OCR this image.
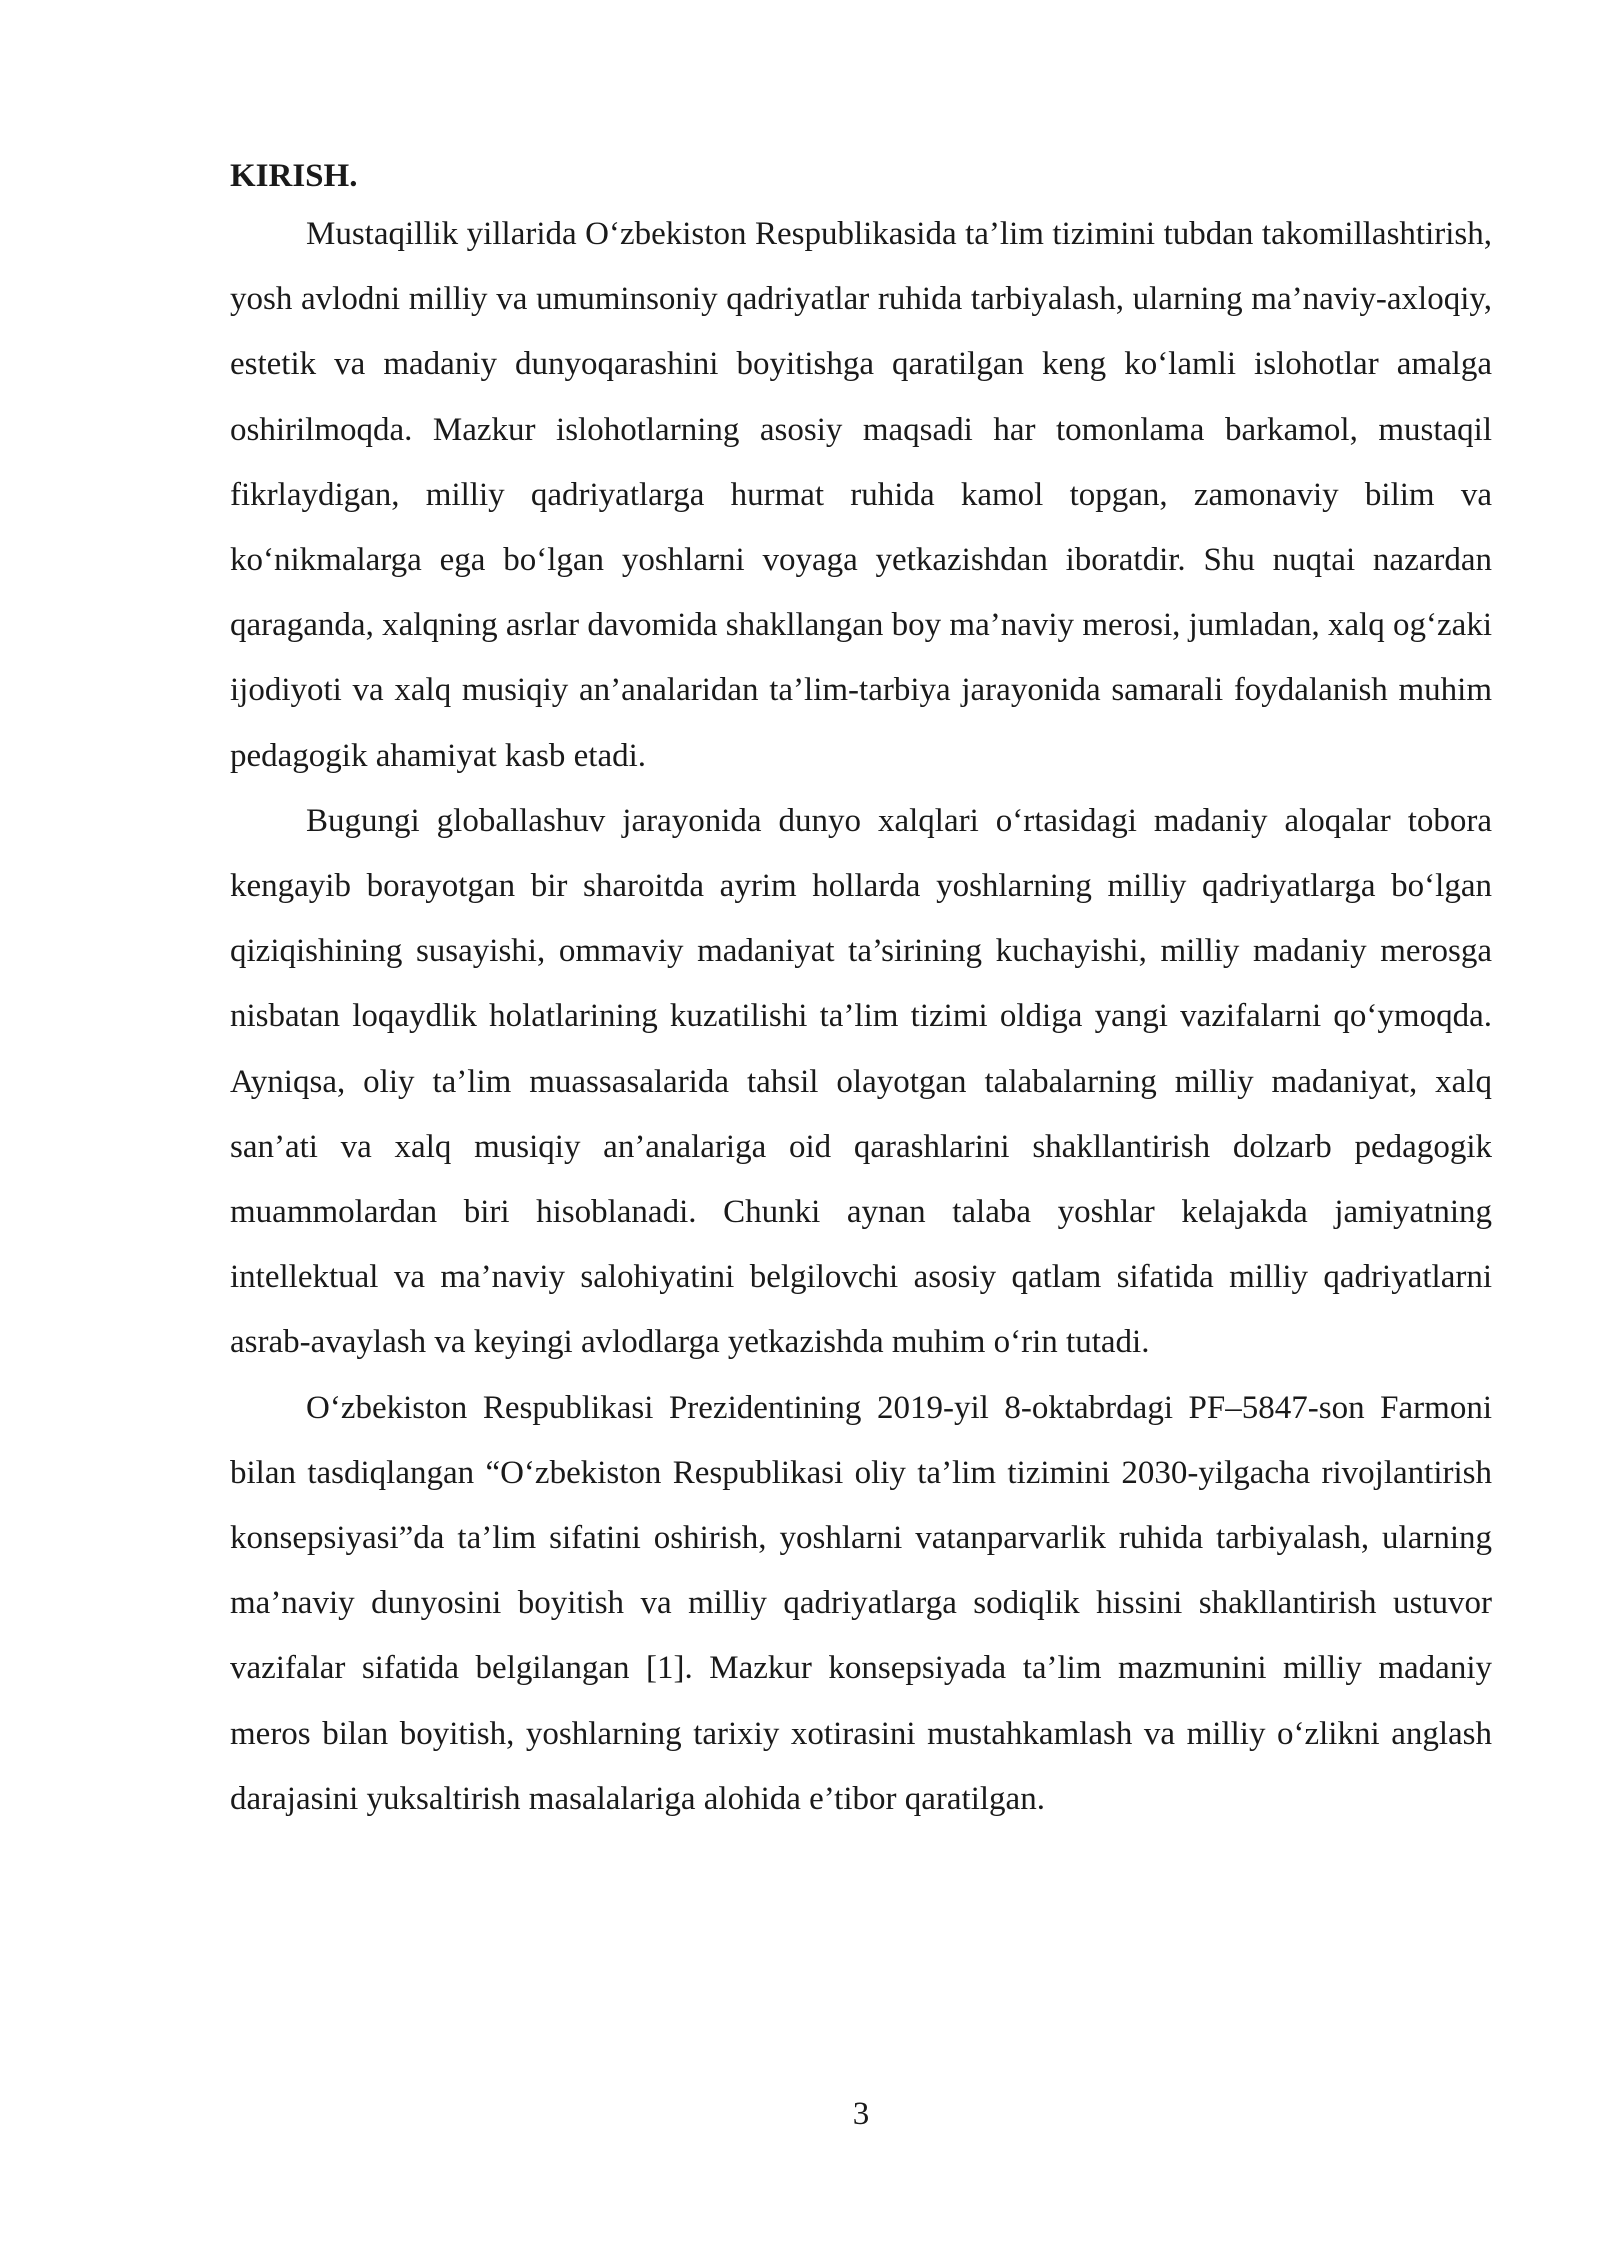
KIRISH.

Mustaqillik yillarida O‘zbekiston Respublikasida ta’lim tizimini tubdan takomillashtirish, yosh avlodni milliy va umuminsoniy qadriyatlar ruhida tarbiyalash, ularning ma’naviy-axloqiy, estetik va madaniy dunyoqarashini boyitishga qaratilgan keng ko‘lamli islohotlar amalga oshirilmoqda. Mazkur islohotlarning asosiy maqsadi har tomonlama barkamol, mustaqil fikrlaydigan, milliy qadriyatlarga hurmat ruhida kamol topgan, zamonaviy bilim va ko‘nikmalarga ega bo‘lgan yoshlarni voyaga yetkazishdan iboratdir. Shu nuqtai nazardan qaraganda, xalqning asrlar davomida shakllangan boy ma’naviy merosi, jumladan, xalq og‘zaki ijodiyoti va xalq musiqiy an’analaridan ta’lim-tarbiya jarayonida samarali foydalanish muhim pedagogik ahamiyat kasb etadi.

Bugungi globallashuv jarayonida dunyo xalqlari o‘rtasidagi madaniy aloqalar tobora kengayib borayotgan bir sharoitda ayrim hollarda yoshlarning milliy qadriyatlarga bo‘lgan qiziqishining susayishi, ommaviy madaniyat ta’sirining kuchayishi, milliy madaniy merosga nisbatan loqaydlik holatlarining kuzatilishi ta’lim tizimi oldiga yangi vazifalarni qo‘ymoqda. Ayniqsa, oliy ta’lim muassasalarida tahsil olayotgan talabalarning milliy madaniyat, xalq san’ati va xalq musiqiy an’analariga oid qarashlarini shakllantirish dolzarb pedagogik muammolardan biri hisoblanadi. Chunki aynan talaba yoshlar kelajakda jamiyatning intellektual va ma’naviy salohiyatini belgilovchi asosiy qatlam sifatida milliy qadriyatlarni asrab-avaylash va keyingi avlodlarga yetkazishda muhim o‘rin tutadi.

O‘zbekiston Respublikasi Prezidentining 2019-yil 8-oktabrdagi PF–5847-son Farmoni bilan tasdiqlangan “O‘zbekiston Respublikasi oliy ta’lim tizimini 2030-yilgacha rivojlantirish konsepsiyasi”da ta’lim sifatini oshirish, yoshlarni vatanparvarlik ruhida tarbiyalash, ularning ma’naviy dunyosini boyitish va milliy qadriyatlarga sodiqlik hissini shakllantirish ustuvor vazifalar sifatida belgilangan [1]. Mazkur konsepsiyada ta’lim mazmunini milliy madaniy meros bilan boyitish, yoshlarning tarixiy xotirasini mustahkamlash va milliy o‘zlikni anglash darajasini yuksaltirish masalalariga alohida e’tibor qaratilgan.

3
